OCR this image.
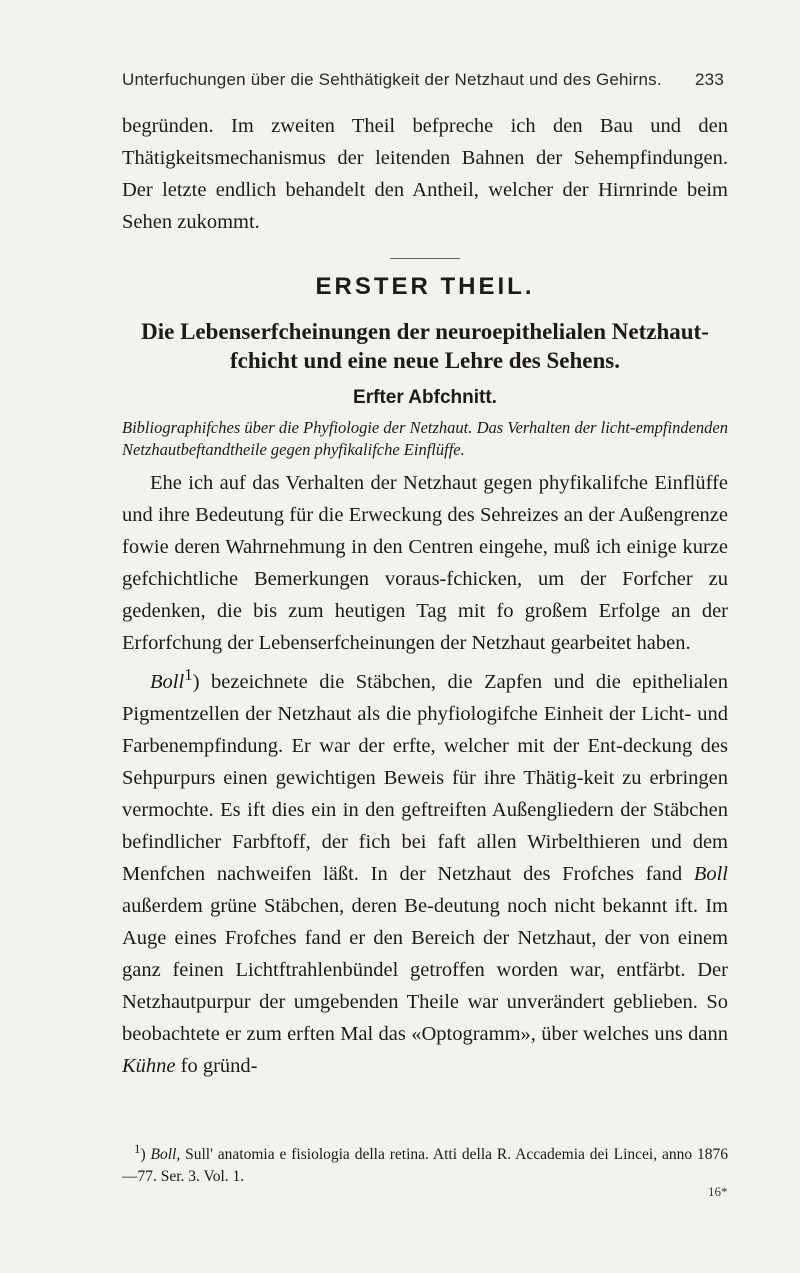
Unterfuchungen über die Sehthätigkeit der Netzhaut und des Gehirns. 233

begründen. Im zweiten Theil befpreche ich den Bau und den Thätigkeitsmechanismus der leitenden Bahnen der Sehempfindungen. Der letzte endlich behandelt den Antheil, welcher der Hirnrinde beim Sehen zukommt.

ERSTER THEIL.
Die Lebenserfcheinungen der neuroepithelialen Netzhaut-
fchicht und eine neue Lehre des Sehens.
Erfter Abfchnitt.
Bibliographifches über die Phyfiologie der Netzhaut. Das Verhalten der licht-empfindenden Netzhautbeftandtheile gegen phyfikalifche Einflüffe.

Ehe ich auf das Verhalten der Netzhaut gegen phyfikalifche Einflüffe und ihre Bedeutung für die Erweckung des Sehreizes an der Außengrenze fowie deren Wahrnehmung in den Centren eingehe, muß ich einige kurze gefchichtliche Bemerkungen voraus-fchicken, um der Forfcher zu gedenken, die bis zum heutigen Tag mit fo großem Erfolge an der Erforfchung der Lebenserfcheinungen der Netzhaut gearbeitet haben.

Boll$^1$) bezeichnete die Stäbchen, die Zapfen und die epithelialen Pigmentzellen der Netzhaut als die phyfiologifche Einheit der Licht- und Farbenempfindung. Er war der erfte, welcher mit der Ent-deckung des Sehpurpurs einen gewichtigen Beweis für ihre Thätig-keit zu erbringen vermochte. Es ift dies ein in den geftreiften Außengliedern der Stäbchen befindlicher Farbftoff, der fich bei faft allen Wirbelthieren und dem Menfchen nachweifen läßt. In der Netzhaut des Frofches fand Boll außerdem grüne Stäbchen, deren Be-deutung noch nicht bekannt ift. Im Auge eines Frofches fand er den Bereich der Netzhaut, der von einem ganz feinen Lichtftrahlenbündel getroffen worden war, entfärbt. Der Netzhautpurpur der umgebenden Theile war unverändert geblieben. So beobachtete er zum erften Mal das «Optogramm», über welches uns dann Kühne fo gründ-

$^1$) Boll, Sull' anatomia e fisiologia della retina. Atti della R. Accademia dei Lincei, anno 1876—77. Ser. 3. Vol. 1.

16*
